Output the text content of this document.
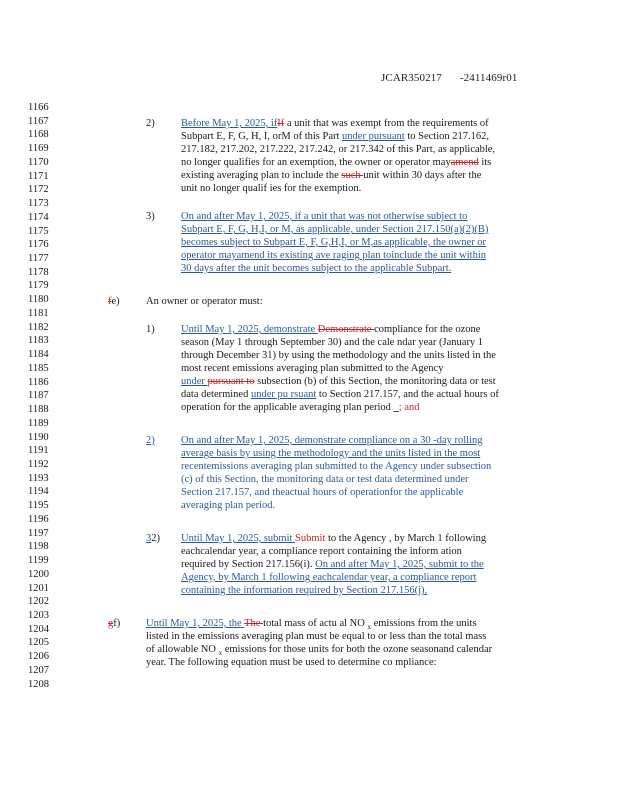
JCAR350217 -2411469r01
1166
1167
1168
1169
1170
1171
1172
1173
1174
1175
1176
1177
1178
1179
1180
1181
1182
1183
1184
1185
1186
1187
1188
1189
1190
1191
1192
1193
1194
1195
1196
1197
1198
1199
1200
1201
1202
1203
1204
1205
1206
1207
1208
2)	Before May 1, 2025, ifIf a unit that was exempt from the requirements of
Subpart E, F, G, H, I, orM of this Part under pursuant to Section 217.162,
217.182, 217.202, 217.222, 217.242, or 217.342 of this Part, as applicable,
no longer qualifies for an exemption, the owner or operator mayamend its
existing averaging plan to include the such unit within 30 days after the
unit no longer qualif ies for the exemption.
3)	On and after May 1, 2025, if a unit that was not otherwise subject to
Subpart E, F, G, H,I, or M, as applicable, under Section 217.150(a)(2)(B)
becomes subject to Subpart E, F, G,H,I, or M,as applicable, the owner or
operator mayamend its existing ave raging plan toinclude the unit within
30 days after the unit becomes subject to the applicable Subpart.
fe)	An owner or operator must:
1)	Until May 1, 2025, demonstrate Demonstrate compliance for the ozone
season (May 1 through September 30) and the cale ndar year (January 1
through December 31) by using the methodology and the units listed in the
most recent emissions averaging plan submitted to the Agency
under pursuant to subsection (b) of this Section, the monitoring data or test
data determined under pu rsuant to Section 217.157, and the actual hours of
operation for the applicable averaging plan period _; and
2)	On and after May 1, 2025, demonstrate compliance on a 30 -day rolling
average basis by using the methodology and the units listed in the most
recentemissions averaging plan submitted to the Agency under subsection
(c) of this Section, the monitoring data or test data determined under
Section 217.157, and theactual hours of operationfor the applicable
averaging plan period.
32) Until May 1, 2025, submit Submit to the Agency , by March 1 following
eachcalendar year, a compliance report containing the inform ation
required by Section 217.156(i). On and after May 1, 2025, submit to the
Agency, by March 1 following eachcalendar year, a compliance report
containing the information required by Section 217.156(j).
gf) Until May 1, 2025, the The total mass of actu al NO $_x$ emissions from the units
listed in the emissions averaging plan must be equal to or less than the total mass
of allowable NO $_x$ emissions for those units for both the ozone seasonand calendar
year. The following equation must be used to determine co mpliance:
